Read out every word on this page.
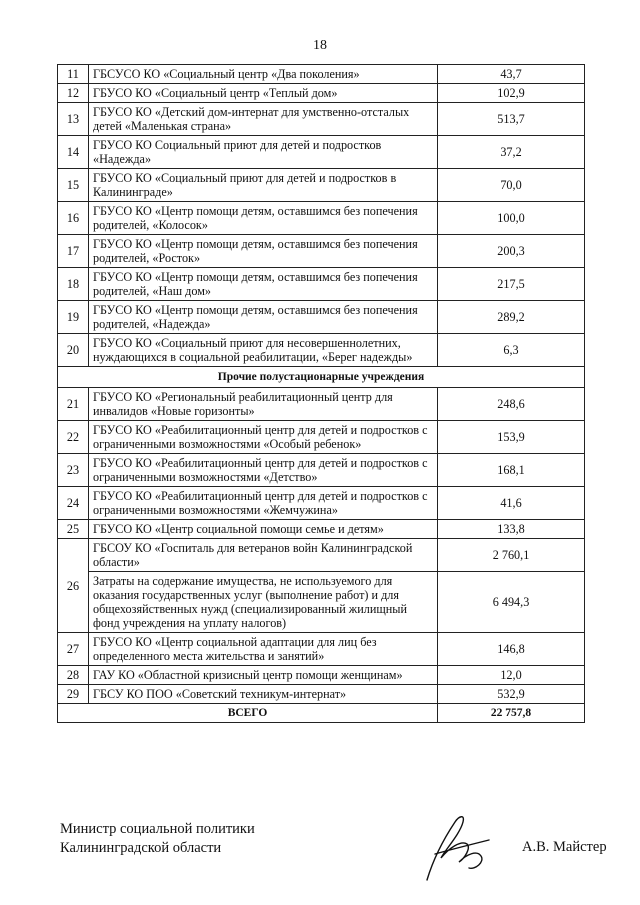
18
11	ГБСУСО КО «Социальный центр «Два поколения»	43,7
12	ГБУСО КО «Социальный центр «Теплый дом»	102,9
13	ГБУСО КО «Детский дом-интернат для умственно-отсталых детей «Маленькая страна»	513,7
14	ГБУСО КО Социальный приют для детей и подростков «Надежда»	37,2
15	ГБУСО КО «Социальный приют для детей и подростков в Калининграде»	70,0
16	ГБУСО КО «Центр помощи детям, оставшимся без попечения родителей, «Колосок»	100,0
17	ГБУСО КО «Центр помощи детям, оставшимся без попечения родителей, «Росток»	200,3
18	ГБУСО КО «Центр помощи детям, оставшимся без попечения родителей, «Наш дом»	217,5
19	ГБУСО КО «Центр помощи детям, оставшимся без попечения родителей, «Надежда»	289,2
20	ГБУСО КО «Социальный приют для несовершеннолетних, нуждающихся в социальной реабилитации, «Берег надежды»	6,3
Прочие полустационарные учреждения		
21	ГБУСО КО «Региональный реабилитационный центр для инвалидов «Новые горизонты»	248,6
22	ГБУСО КО «Реабилитационный центр для детей и подростков с ограниченными возможностями «Особый ребенок»	153,9
23	ГБУСО КО «Реабилитационный центр для детей и подростков с ограниченными возможностями «Детство»	168,1
24	ГБУСО КО «Реабилитационный центр для детей и подростков с ограниченными возможностями «Жемчужина»	41,6
25	ГБУСО КО «Центр социальной помощи семье и детям»	133,8
26	ГБСОУ КО «Госпиталь для ветеранов войн Калининградской области»	2 760,1
	Затраты на содержание имущества, не используемого для оказания государственных услуг (выполнение работ) и для общехозяйственных нужд (специализированный жилищный фонд учреждения на уплату налогов)	6 494,3
27	ГБУСО КО «Центр социальной адаптации для лиц без определенного места жительства и занятий»	146,8
28	ГАУ КО «Областной кризисный центр помощи женщинам»	12,0
29	ГБСУ КО ПОО «Советский техникум-интернат»	532,9
ВСЕГО		22 757,8
Министр социальной политики
Калининградской области	А.В. Майстер
